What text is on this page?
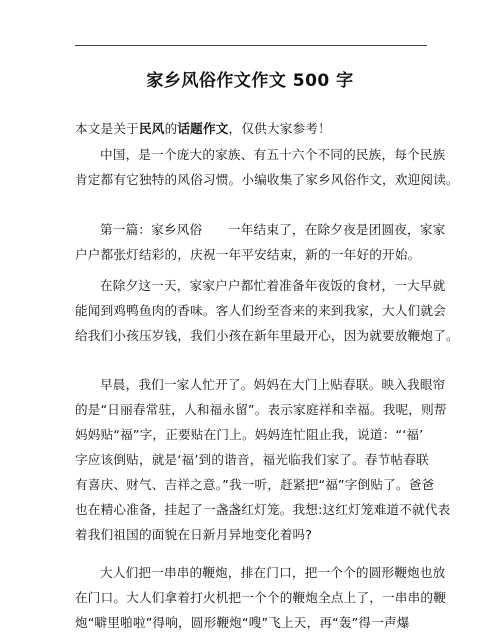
家乡风俗作文作文 500 字

本文是关于民风的话题作文，仅供大家参考！

中国，是一个庞大的家族、有五十六个不同的民族，每个民族
肯定都有它独特的风俗习惯。小编收集了家乡风俗作文，欢迎阅读。

第一篇：家乡风俗　　一年结束了，在除夕夜是团圆夜，家家
户户都张灯结彩的，庆祝一年平安结束，新的一年好的开始。

在除夕这一天，家家户户都忙着准备年夜饭的食材，一大早就
能闻到鸡鸭鱼肉的香味。客人们纷至沓来的来到我家，大人们就会
给我们小孩压岁钱，我们小孩在新年里最开心，因为就要放鞭炮了。

早晨，我们一家人忙开了。妈妈在大门上贴春联。映入我眼帘
的是“日丽春常驻，人和福永留”。表示家庭祥和幸福。我呢，则帮
妈妈贴“福”字，正要贴在门上。妈妈连忙阻止我，说道：“‘福’
字应该倒贴，就是‘福’到的谐音，福光临我们家了。春节帖春联
有喜庆、财气、吉祥之意。”我一听，赶紧把“福”字倒贴了。爸爸
也在精心准备，挂起了一盏盏红灯笼。我想:这红灯笼难道不就代表
着我们祖国的面貌在日新月异地变化着吗?

大人们把一串串的鞭炮，排在门口，把一个个的圆形鞭炮也放
在门口。大人们拿着打火机把一个个的鞭炮全点上了，一串串的鞭
炮“噼里啪啦”得响，圆形鞭炮“嗖”飞上天，再“轰”得一声爆
